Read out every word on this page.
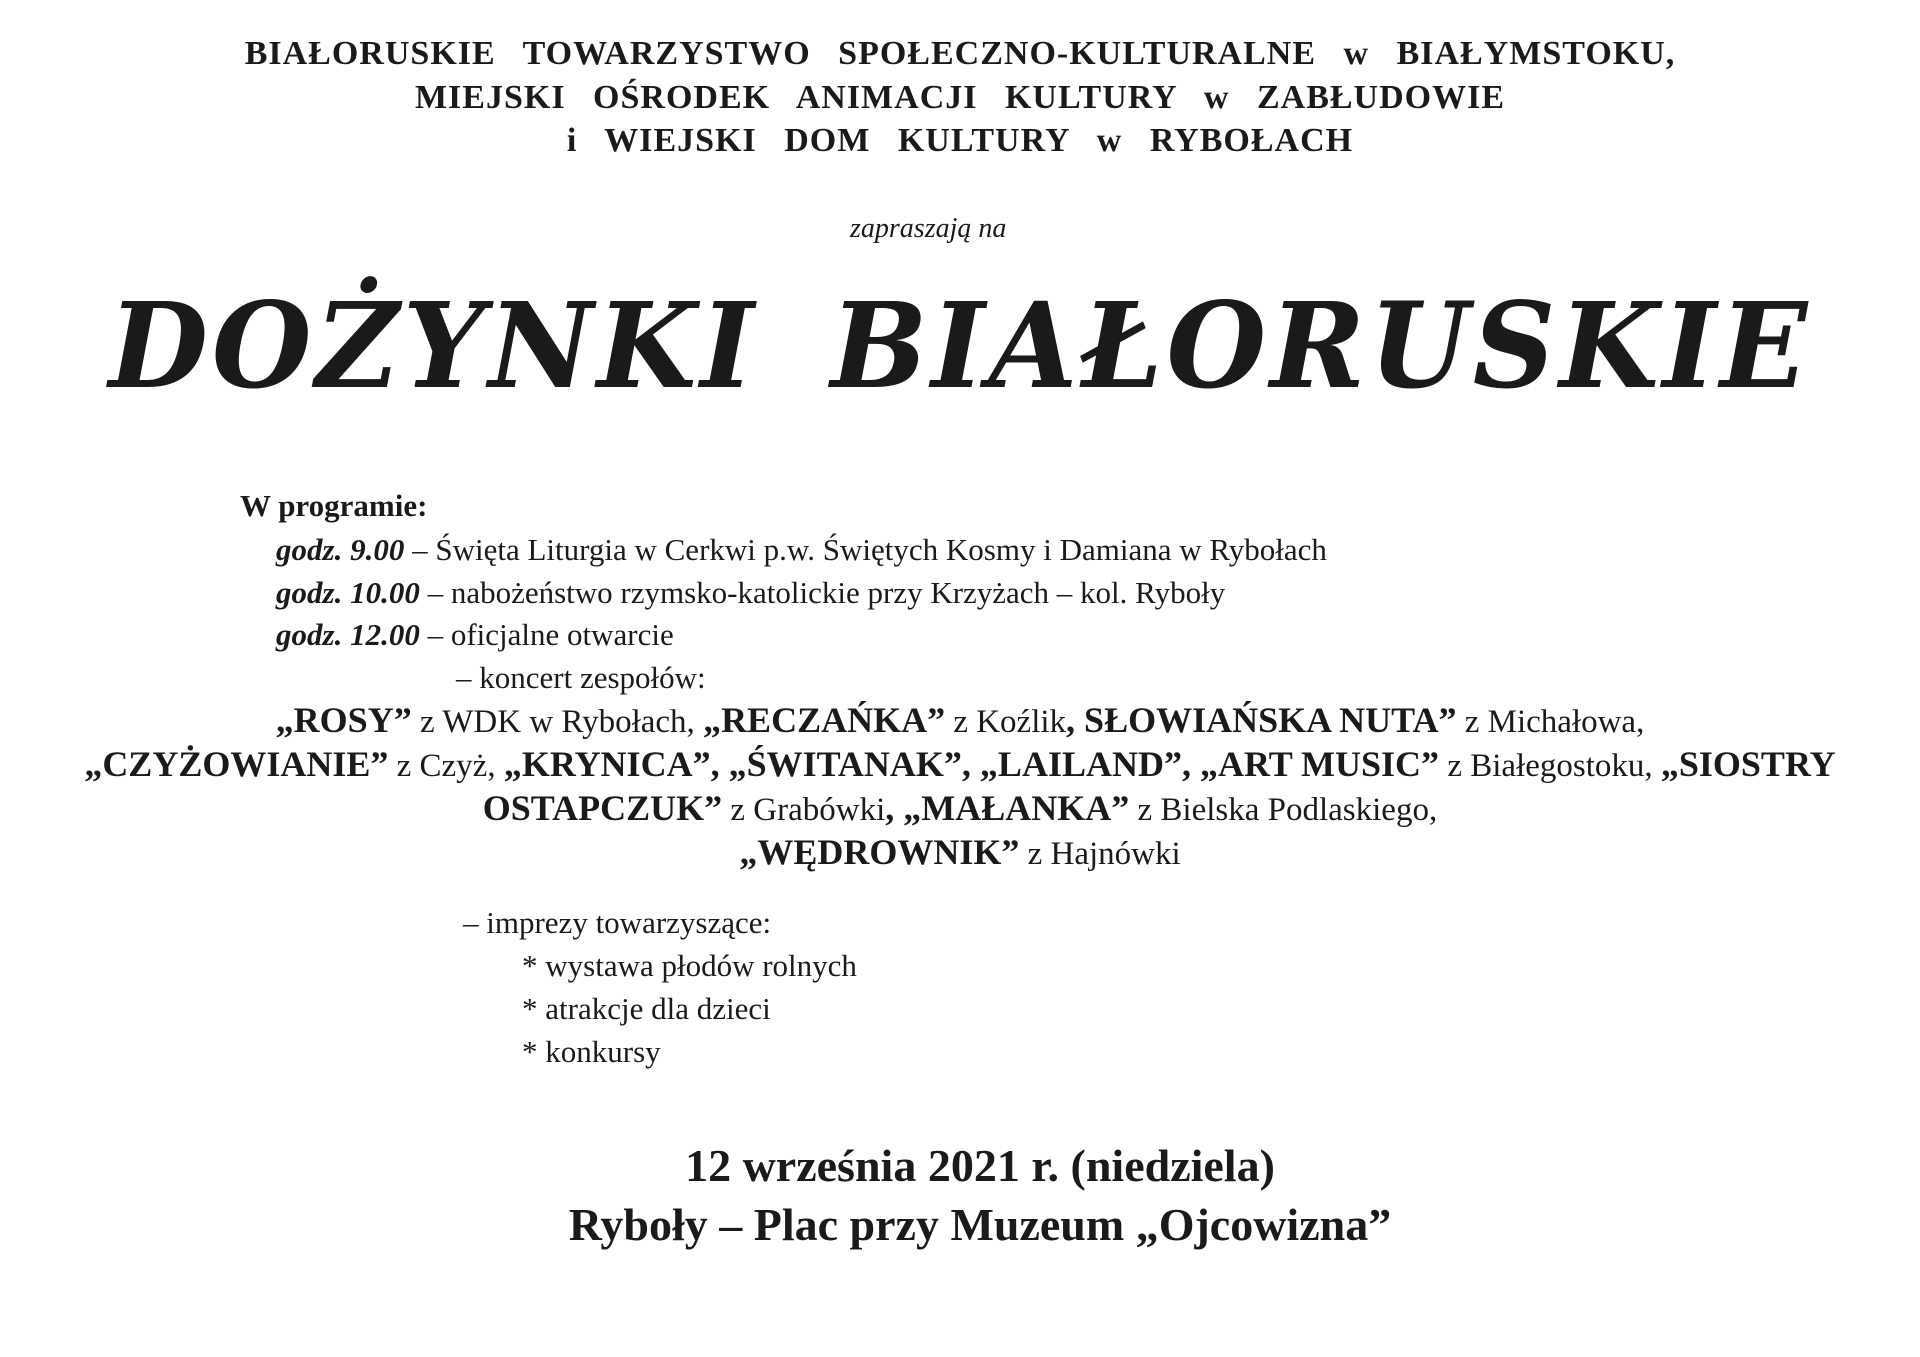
BIAŁORUSKIE TOWARZYSTWO SPOŁECZNO-KULTURALNE w BIAŁYMSTOKU,
MIEJSKI OŚRODEK ANIMACJI KULTURY w ZABŁUDOWIE
i WIEJSKI DOM KULTURY w RYBOŁACH
zapraszają na
DOŻYNKI BIAŁORUSKIE
W programie:
godz. 9.00 – Święta Liturgia w Cerkwi p.w. Świętych Kosmy i Damiana w Rybołach
godz. 10.00 – nabożeństwo rzymsko-katolickie przy Krzyżach – kol. Ryboły
godz. 12.00 – oficjalne otwarcie
– koncert zespołów:
„ROSY” z WDK w Rybołach, „RECZAŃKA” z Koźlik, SŁOWIAŃSKA NUTA” z Michałowa,
„CZYŻOWIANIE” z Czyż, „KRYNICA”, „ŚWITANAK”, „LAILAND”, „ART MUSIC” z Białegostoku, „SIOSTRY OSTAPCZUK” z Grabówki, „MAŁANKA” z Bielska Podlaskiego,
„WĘDROWNIK” z Hajnówki
– imprezy towarzyszące:
* wystawa płodów rolnych
* atrakcje dla dzieci
* konkursy
12 września 2021 r. (niedziela)
Ryboły – Plac przy Muzeum „Ojcowizna”
